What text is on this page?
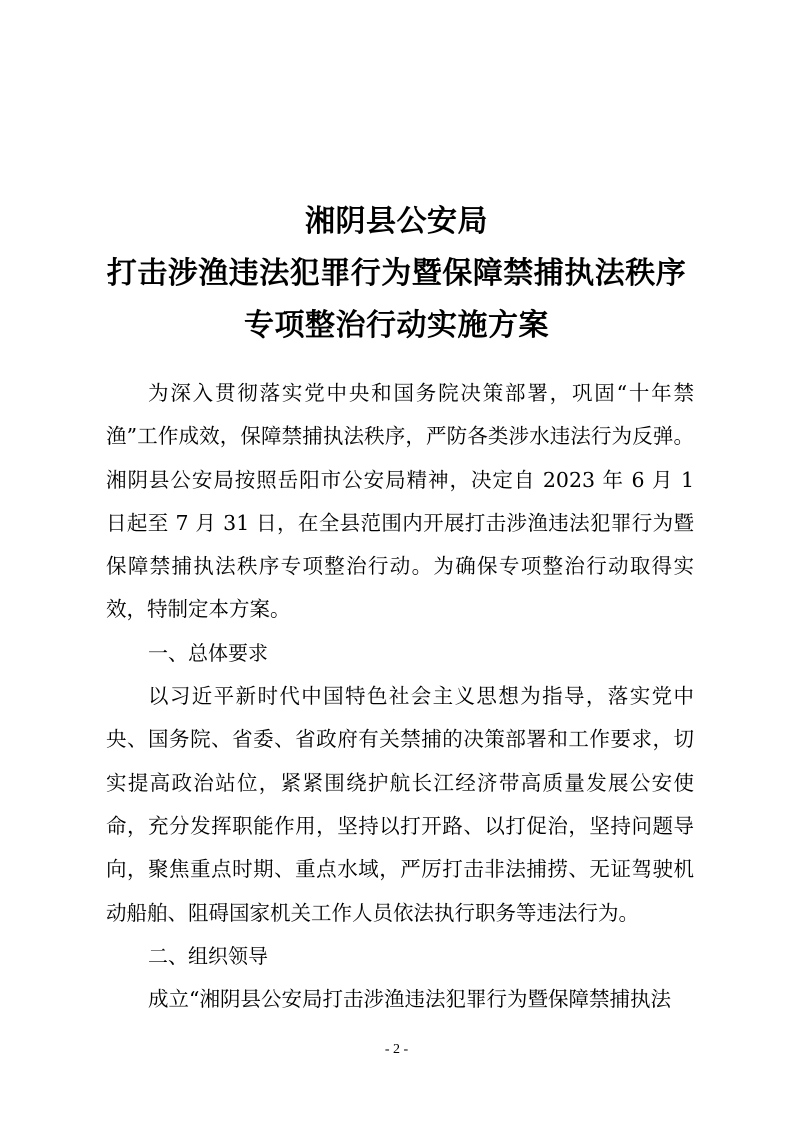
湘阴县公安局
打击涉渔违法犯罪行为暨保障禁捕执法秩序
专项整治行动实施方案

为深入贯彻落实党中央和国务院决策部署，巩固“十年禁渔”工作成效，保障禁捕执法秩序，严防各类涉水违法行为反弹。湘阴县公安局按照岳阳市公安局精神，决定自 2023 年 6 月 1 日起至 7 月 31 日，在全县范围内开展打击涉渔违法犯罪行为暨保障禁捕执法秩序专项整治行动。为确保专项整治行动取得实效，特制定本方案。

一、总体要求

以习近平新时代中国特色社会主义思想为指导，落实党中央、国务院、省委、省政府有关禁捕的决策部署和工作要求，切实提高政治站位，紧紧围绕护航长江经济带高质量发展公安使命，充分发挥职能作用，坚持以打开路、以打促治，坚持问题导向，聚焦重点时期、重点水域，严厉打击非法捕捞、无证驾驶机动船舶、阻碍国家机关工作人员依法执行职务等违法行为。

二、组织领导

成立“湘阴县公安局打击涉渔违法犯罪行为暨保障禁捕执法

- 2 -
